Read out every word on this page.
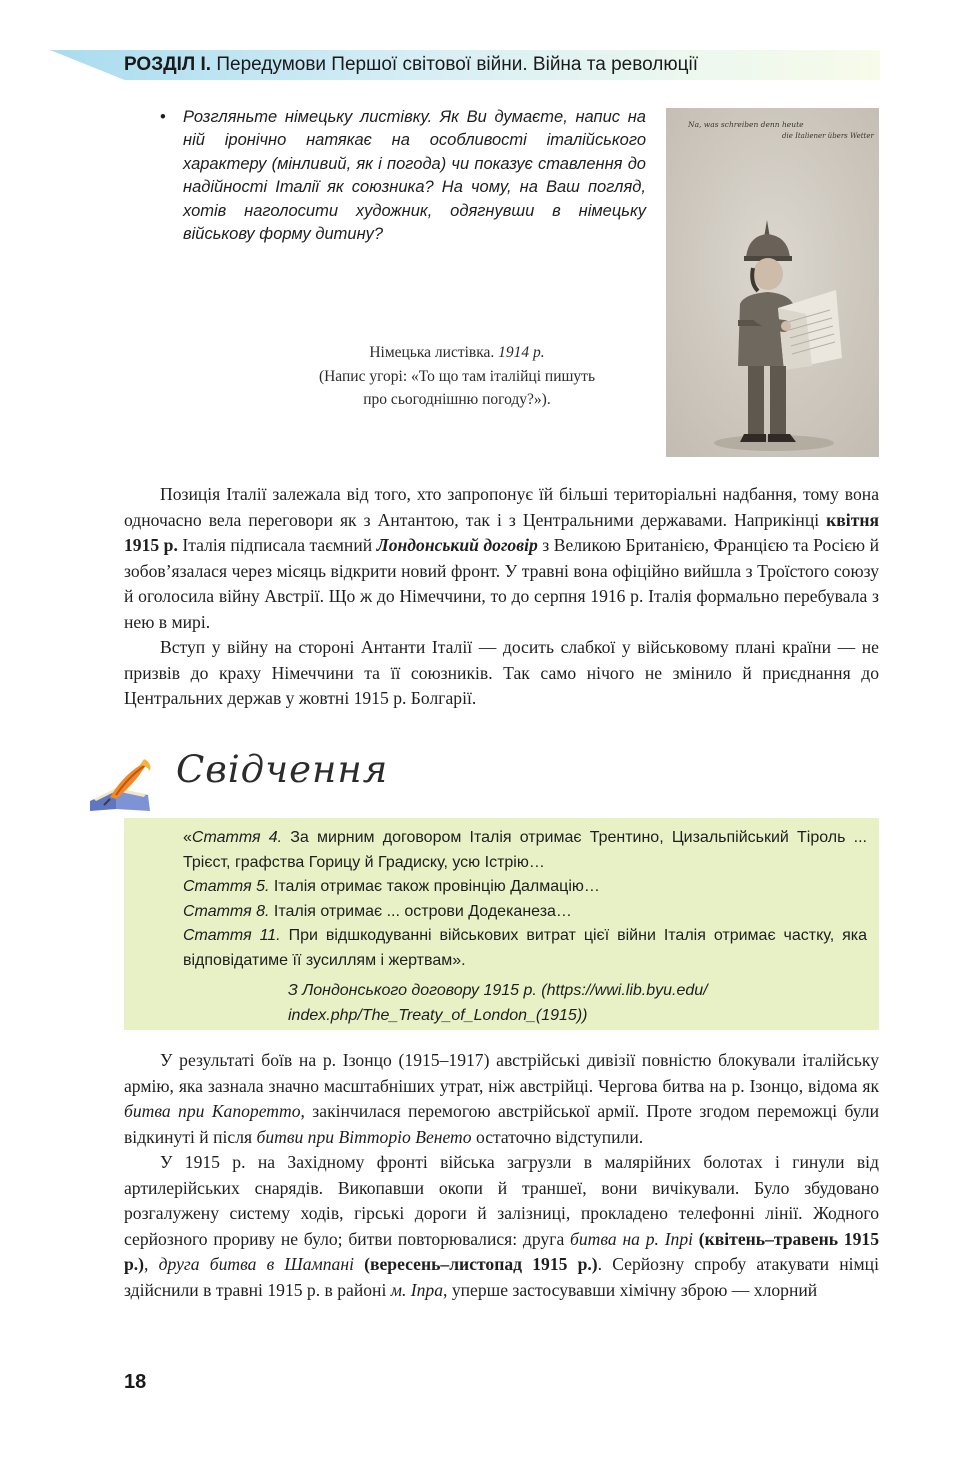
РОЗДІЛ І. Передумови Першої світової війни. Війна та революції
•	Розгляньте німецьку листівку. Як Ви думаєте, напис на ній іронічно натякає на особливості італійського характеру (мінливий, як і погода) чи показує ставлення до надійності Італії як союзника? На чому, на Ваш погляд, хотів наголосити художник, одягнувши в німецьку військову форму дитину?
Na, was schreiben denn heute
die Italiener übers Wetter
Німецька листівка. 1914 р.
(Напис угорі: «То що там італійці пишуть
про сьогоднішню погоду?»).

Позиція Італії залежала від того, хто запропонує їй більші територіальні надбання, тому вона одночасно вела переговори як з Антантою, так і з Центральними державами. Наприкінці квітня 1915 р. Італія підписала таємний Лондонський договір з Великою Британією, Францією та Росією й зобов’язалася через місяць відкрити новий фронт. У травні вона офіційно вийшла з Троїстого союзу й оголосила війну Австрії. Що ж до Німеччини, то до серпня 1916 р. Італія формально перебувала з нею в мирі.

Вступ у війну на стороні Антанти Італії — досить слабкої у військовому плані країни — не призвів до краху Німеччини та її союзників. Так само нічого не змінило й приєднання до Центральних держав у жовтні 1915 р. Болгарії.

Свідчення

«Стаття 4. За мирним договором Італія отримає Трентино, Цизальпійський Тіроль ... Трієст, графства Горицу й Градиску, усю Істрію…

Стаття 5. Італія отримає також провінцію Далмацію…

Стаття 8. Італія отримає ... острови Додеканеза…

Стаття 11. При відшкодуванні військових витрат цієї війни Італія отримає частку, яка відповідатиме її зусиллям і жертвам».

З Лондонського договору 1915 р. (https://wwi.lib.byu.edu/
index.php/The_Treaty_of_London_(1915))

У результаті боїв на р. Ізонцо (1915–1917) австрійські дивізії повністю блокували італійську армію, яка зазнала значно масштабніших утрат, ніж австрійці. Чергова битва на р. Ізонцо, відома як битва при Капоретто, закінчилася перемогою австрійської армії. Проте згодом переможці були відкинуті й після битви при Вітторіо Венето остаточно відступили.

У 1915 р. на Західному фронті війська загрузли в малярійних болотах і гинули від артилерійських снарядів. Викопавши окопи й траншеї, вони вичікували. Було збудовано розгалужену систему ходів, гірські дороги й залізниці, прокладено телефонні лінії. Жодного серйозного прориву не було; битви повторювалися: друга битва на р. Іпрі (квітень–травень 1915 р.), друга битва в Шампані (вересень–листопад 1915 р.). Серйозну спробу атакувати німці здійснили в травні 1915 р. в районі м. Іпра, уперше застосувавши хімічну зброю — хлорний

18
